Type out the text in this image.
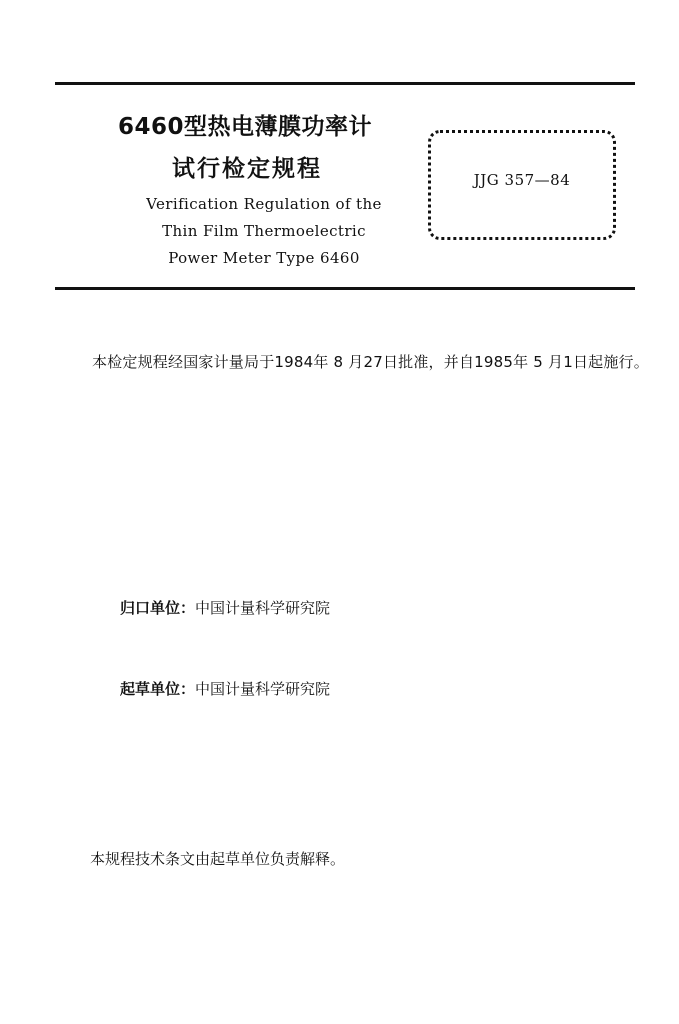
6460型热电薄膜功率计
试行检定规程
Verification Regulation of the
Thin Film Thermoelectric
Power Meter Type 6460
JJG 357—84
本检定规程经国家计量局于1984年 8 月27日批准，并自1985年 5 月1日起施行。
归口单位：中国计量科学研究院
起草单位：中国计量科学研究院
本规程技术条文由起草单位负责解释。
